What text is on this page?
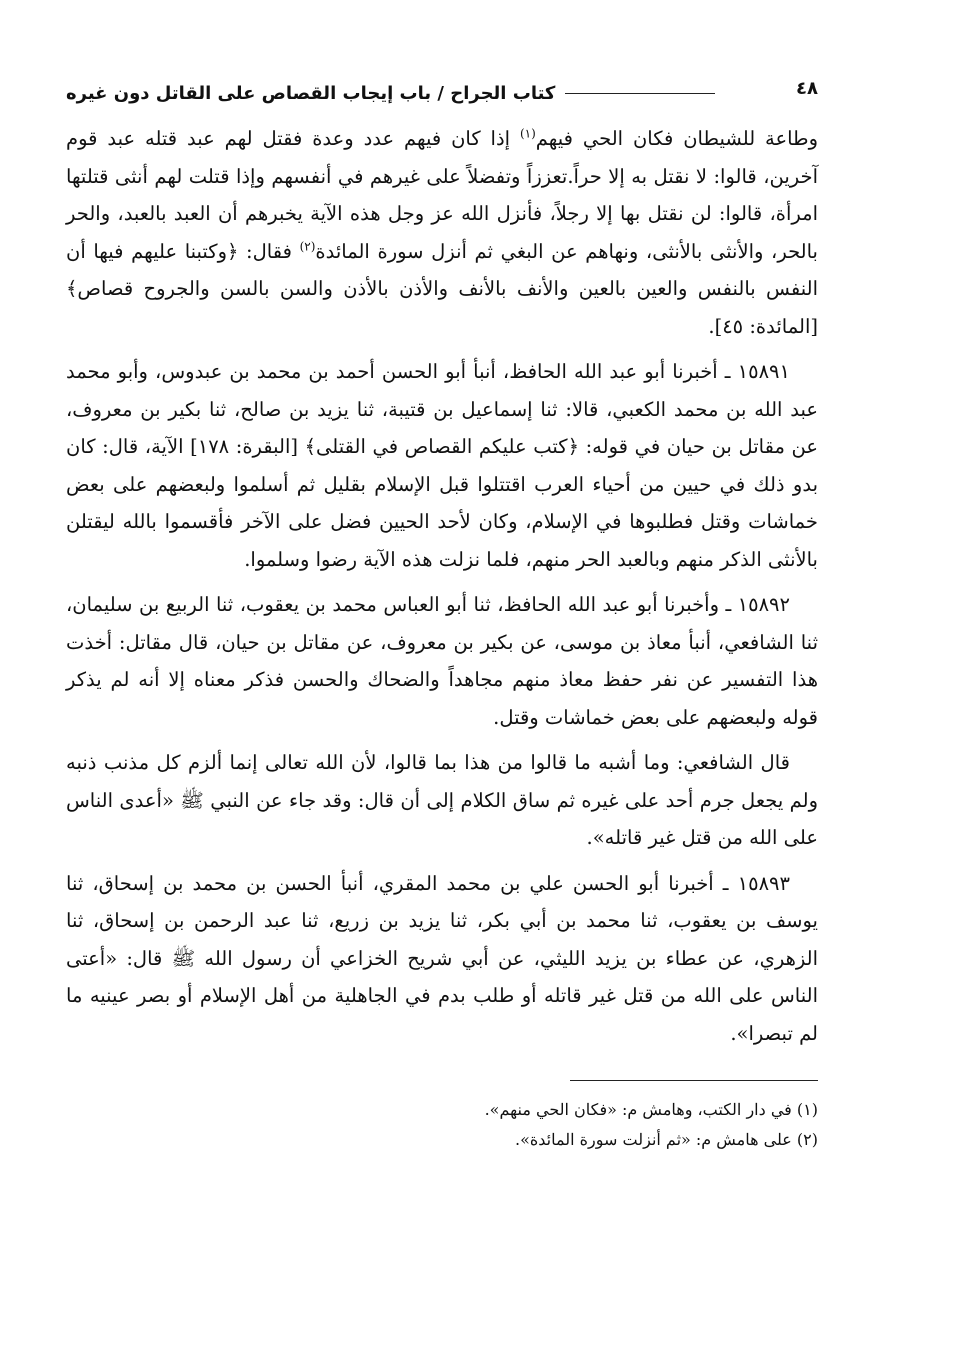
٤٨
كتاب الجراح / باب إيجاب القصاص على القاتل دون غيره

وطاعة للشيطان فكان الحي فيهم$^{(١)}$ إذا كان فيهم عدد وعدة فقتل لهم عبد قتله عبد قوم آخرين، قالوا: لا نقتل به إلا حراً.تعززاً وتفضلاً على غيرهم في أنفسهم وإذا قتلت لهم أنثى قتلتها امرأة، قالوا: لن نقتل بها إلا رجلاً، فأنزل الله عز وجل هذه الآية يخبرهم أن العبد بالعبد، والحر بالحر، والأنثى بالأنثى، ونهاهم عن البغي ثم أنزل سورة المائدة$^{(٢)}$ فقال: ﴿وكتبنا عليهم فيها أن النفس بالنفس والعين بالعين والأنف بالأنف والأذن بالأذن والسن بالسن والجروح قصاص﴾ [المائدة: ٤٥].

١٥٨٩١ ـ أخبرنا أبو عبد الله الحافظ، أنبأ أبو الحسن أحمد بن محمد بن عبدوس، وأبو محمد عبد الله بن محمد الكعبي، قالا: ثنا إسماعيل بن قتيبة، ثنا يزيد بن صالح، ثنا بكير بن معروف، عن مقاتل بن حيان في قوله: ﴿كتب عليكم القصاص في القتلى﴾ [البقرة: ١٧٨] الآية، قال: كان بدو ذلك في حيين من أحياء العرب اقتتلوا قبل الإسلام بقليل ثم أسلموا ولبعضهم على بعض خماشات وقتل فطلبوها في الإسلام، وكان لأحد الحيين فضل على الآخر فأقسموا بالله ليقتلن بالأنثى الذكر منهم وبالعبد الحر منهم، فلما نزلت هذه الآية رضوا وسلموا.

١٥٨٩٢ ـ وأخبرنا أبو عبد الله الحافظ، ثنا أبو العباس محمد بن يعقوب، ثنا الربيع بن سليمان، ثنا الشافعي، أنبأ معاذ بن موسى، عن بكير بن معروف، عن مقاتل بن حيان، قال مقاتل: أخذت هذا التفسير عن نفر حفظ معاذ منهم مجاهداً والضحاك والحسن فذكر معناه إلا أنه لم يذكر قوله ولبعضهم على بعض خماشات وقتل.

قال الشافعي: وما أشبه ما قالوا من هذا بما قالوا، لأن الله تعالى إنما ألزم كل مذنب ذنبه ولم يجعل جرم أحد على غيره ثم ساق الكلام إلى أن قال: وقد جاء عن النبي ﷺ «أعدى الناس على الله من قتل غير قاتله».

١٥٨٩٣ ـ أخبرنا أبو الحسن علي بن محمد المقري، أنبأ الحسن بن محمد بن إسحاق، ثنا يوسف بن يعقوب، ثنا محمد بن أبي بكر، ثنا يزيد بن زريع، ثنا عبد الرحمن بن إسحاق، ثنا الزهري، عن عطاء بن يزيد الليثي، عن أبي شريح الخزاعي أن رسول الله ﷺ قال: «أعتى الناس على الله من قتل غير قاتله أو طلب بدم في الجاهلية من أهل الإسلام أو بصر عينيه ما لم تبصرا».

(١) في دار الكتب، وهامش م: «فكان الحي منهم».

(٢) على هامش م: «ثم أنزلت سورة المائدة».
